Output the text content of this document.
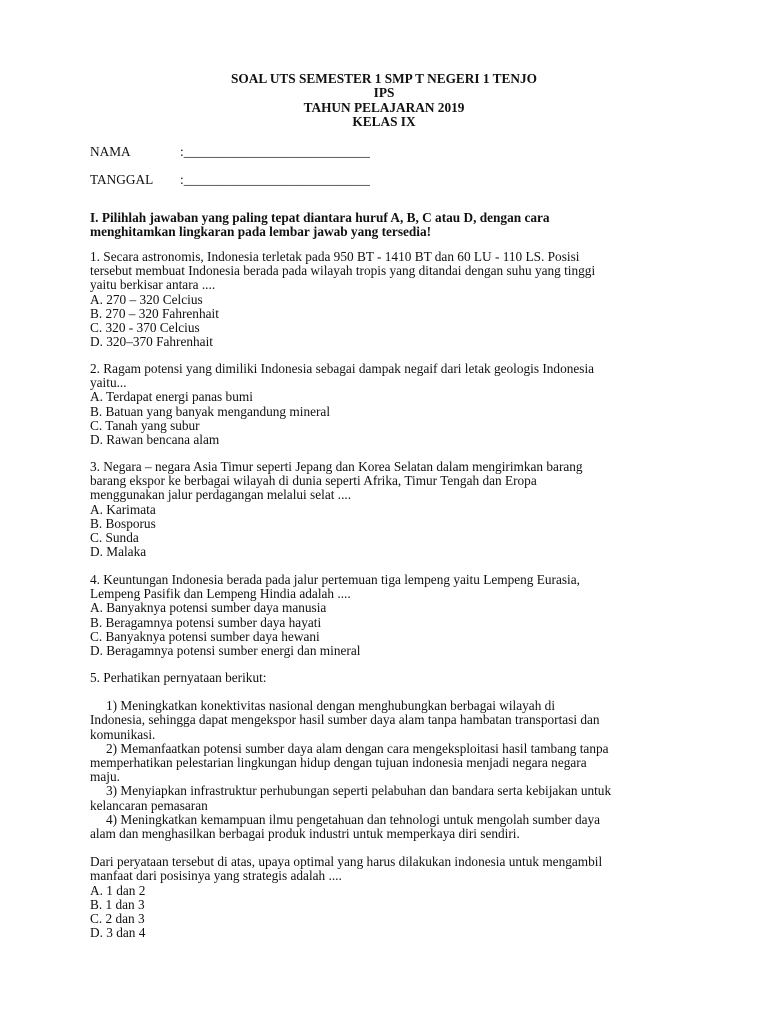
SOAL UTS SEMESTER 1 SMP T NEGERI 1 TENJO
IPS
TAHUN PELAJARAN 2019
KELAS IX
NAMA	:____________________________
TANGGAL :____________________________
I. Pilihlah jawaban yang paling tepat diantara huruf A, B, C atau D, dengan cara
menghitamkan lingkaran pada lembar jawab yang tersedia!
1. Secara astronomis, Indonesia terletak pada 950 BT - 1410 BT dan 60 LU - 110 LS. Posisi
tersebut membuat Indonesia berada pada wilayah tropis yang ditandai dengan suhu yang tinggi
yaitu berkisar antara ....
A. 270 – 320 Celcius
B. 270 – 320 Fahrenhait
C. 320 - 370 Celcius
D. 320–370 Fahrenhait
2. Ragam potensi yang dimiliki Indonesia sebagai dampak negaif dari letak geologis Indonesia
yaitu...
A. Terdapat energi panas bumi
B. Batuan yang banyak mengandung mineral
C. Tanah yang subur
D. Rawan bencana alam
3. Negara – negara Asia Timur seperti Jepang dan Korea Selatan dalam mengirimkan barang
barang ekspor ke berbagai wilayah di dunia seperti Afrika, Timur Tengah dan Eropa
menggunakan jalur perdagangan melalui selat ....
A. Karimata
B. Bosporus
C. Sunda
D. Malaka
4. Keuntungan Indonesia berada pada jalur pertemuan tiga lempeng yaitu Lempeng Eurasia,
Lempeng Pasifik dan Lempeng Hindia adalah ....
A. Banyaknya potensi sumber daya manusia
B. Beragamnya potensi sumber daya hayati
C. Banyaknya potensi sumber daya hewani
D. Beragamnya potensi sumber energi dan mineral
5. Perhatikan pernyataan berikut:
1) Meningkatkan konektivitas nasional dengan menghubungkan berbagai wilayah di
Indonesia, sehingga dapat mengekspor hasil sumber daya alam tanpa hambatan transportasi dan
komunikasi.
2) Memanfaatkan potensi sumber daya alam dengan cara mengeksploitasi hasil tambang tanpa
memperhatikan pelestarian lingkungan hidup dengan tujuan indonesia menjadi negara negara
maju.
3) Menyiapkan infrastruktur perhubungan seperti pelabuhan dan bandara serta kebijakan untuk
kelancaran pemasaran
4) Meningkatkan kemampuan ilmu pengetahuan dan tehnologi untuk mengolah sumber daya
alam dan menghasilkan berbagai produk industri untuk memperkaya diri sendiri.
Dari peryataan tersebut di atas, upaya optimal yang harus dilakukan indonesia untuk mengambil
manfaat dari posisinya yang strategis adalah ....
A. 1 dan 2
B. 1 dan 3
C. 2 dan 3
D. 3 dan 4
